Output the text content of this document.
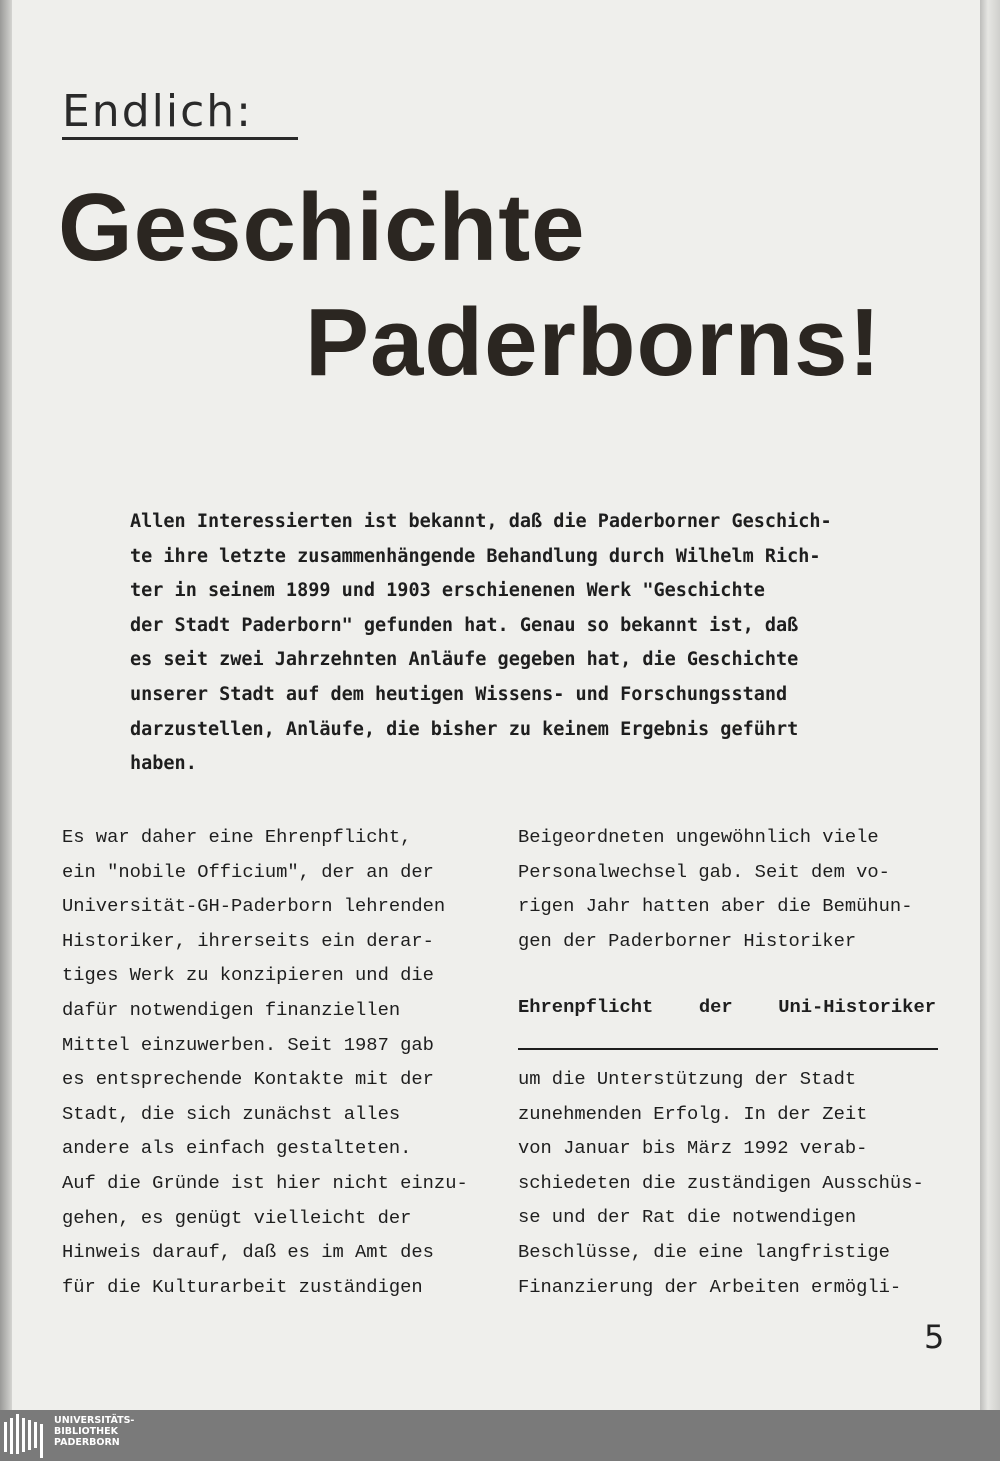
Endlich:
Geschichte
Paderborns!

Allen Interessierten ist bekannt, daß die Paderborner Geschich-
te ihre letzte zusammenhängende Behandlung durch Wilhelm Rich-
ter in seinem 1899 und 1903 erschienenen Werk "Geschichte
der Stadt Paderborn" gefunden hat. Genau so bekannt ist, daß
es seit zwei Jahrzehnten Anläufe gegeben hat, die Geschichte
unserer Stadt auf dem heutigen Wissens- und Forschungsstand
darzustellen, Anläufe, die bisher zu keinem Ergebnis geführt
haben.

Es war daher eine Ehrenpflicht,
ein "nobile Officium", der an der
Universität-GH-Paderborn lehrenden
Historiker, ihrerseits ein derar-
tiges Werk zu konzipieren und die
dafür notwendigen finanziellen
Mittel einzuwerben. Seit 1987 gab
es entsprechende Kontakte mit der
Stadt, die sich zunächst alles
andere als einfach gestalteten.
Auf die Gründe ist hier nicht einzu-
gehen, es genügt vielleicht der
Hinweis darauf, daß es im Amt des
für die Kulturarbeit zuständigen

Beigeordneten ungewöhnlich viele
Personalwechsel gab. Seit dem vo-
rigen Jahr hatten aber die Bemühun-
gen der Paderborner Historiker

Ehrenpflicht der Uni-Historiker

um die Unterstützung der Stadt
zunehmenden Erfolg. In der Zeit
von Januar bis März 1992 verab-
schiedeten die zuständigen Ausschüs-
se und der Rat die notwendigen
Beschlüsse, die eine langfristige
Finanzierung der Arbeiten ermögli-

5

UNIVERSITÄTS-
BIBLIOTHEK
PADERBORN
